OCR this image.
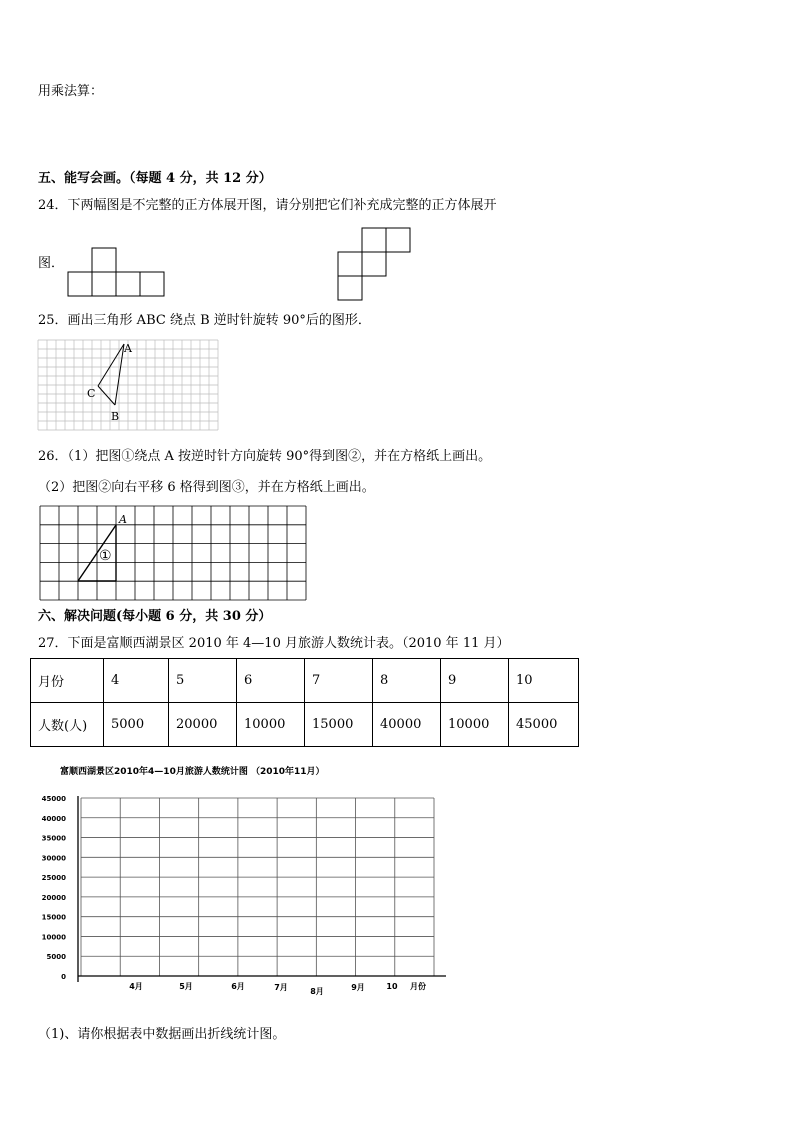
用乘法算：
五、能写会画。（每题 4 分，共 12 分）
24．下两幅图是不完整的正方体展开图，请分别把它们补充成完整的正方体展开
图．
25．画出三角形 ABC 绕点 B 逆时针旋转 90°后的图形．
A
C
B
26．（1）把图①绕点 A 按逆时针方向旋转 90°得到图②，并在方格纸上画出。
（2）把图②向右平移 6 格得到图③，并在方格纸上画出。
A
①
六、解决问题(每小题 6 分，共 30 分）
27．下面是富顺西湖景区 2010 年 4—10 月旅游人数统计表。（2010 年 11 月）
月份	4	5	6	7	8	9	10
人数(人)	5000	20000	10000	15000	40000	10000	45000
富顺西湖景区2010年4—10月旅游人数统计图 （2010年11月）
45000
40000
35000
30000
25000
20000
15000
10000
5000
0
4月	5月	6月	7月	8月	9月	10 月份
（1)、请你根据表中数据画出折线统计图。
